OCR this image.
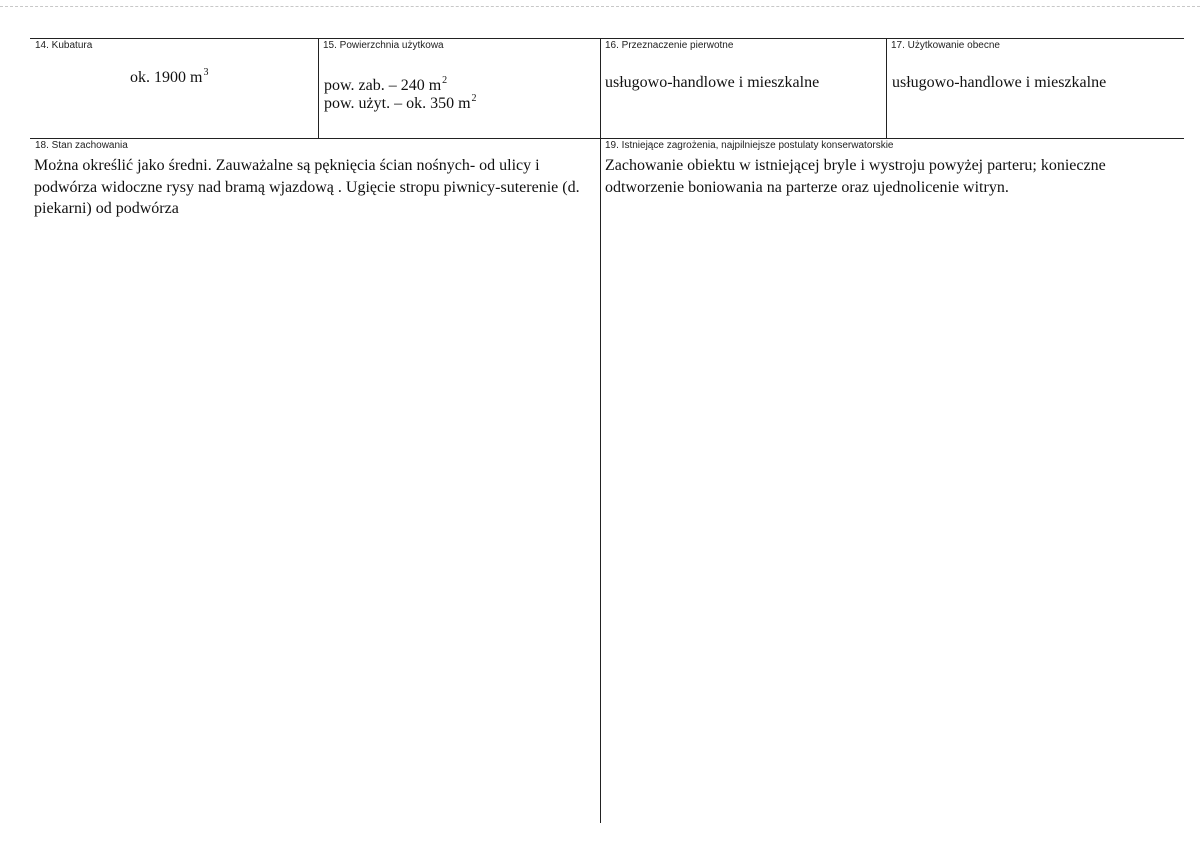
14. Kubatura
ok. 1900 $m^3$
15. Powierzchnia użytkowa
pow. zab. – 240 $m^2$
pow. użyt. – ok. 350 $m^2$
16. Przeznaczenie pierwotne
usługowo-handlowe i mieszkalne
17. Użytkowanie obecne
usługowo-handlowe i mieszkalne
18. Stan zachowania
Można określić jako średni. Zauważalne są pęknięcia ścian nośnych- od ulicy i podwórza widoczne rysy nad bramą wjazdową . Ugięcie stropu piwnicy-suterenie (d. piekarni) od podwórza
19. Istniejące zagrożenia, najpilniejsze postulaty konserwatorskie
Zachowanie obiektu w istniejącej bryle i wystroju powyżej parteru; konieczne odtworzenie boniowania na parterze oraz ujednolicenie witryn.
